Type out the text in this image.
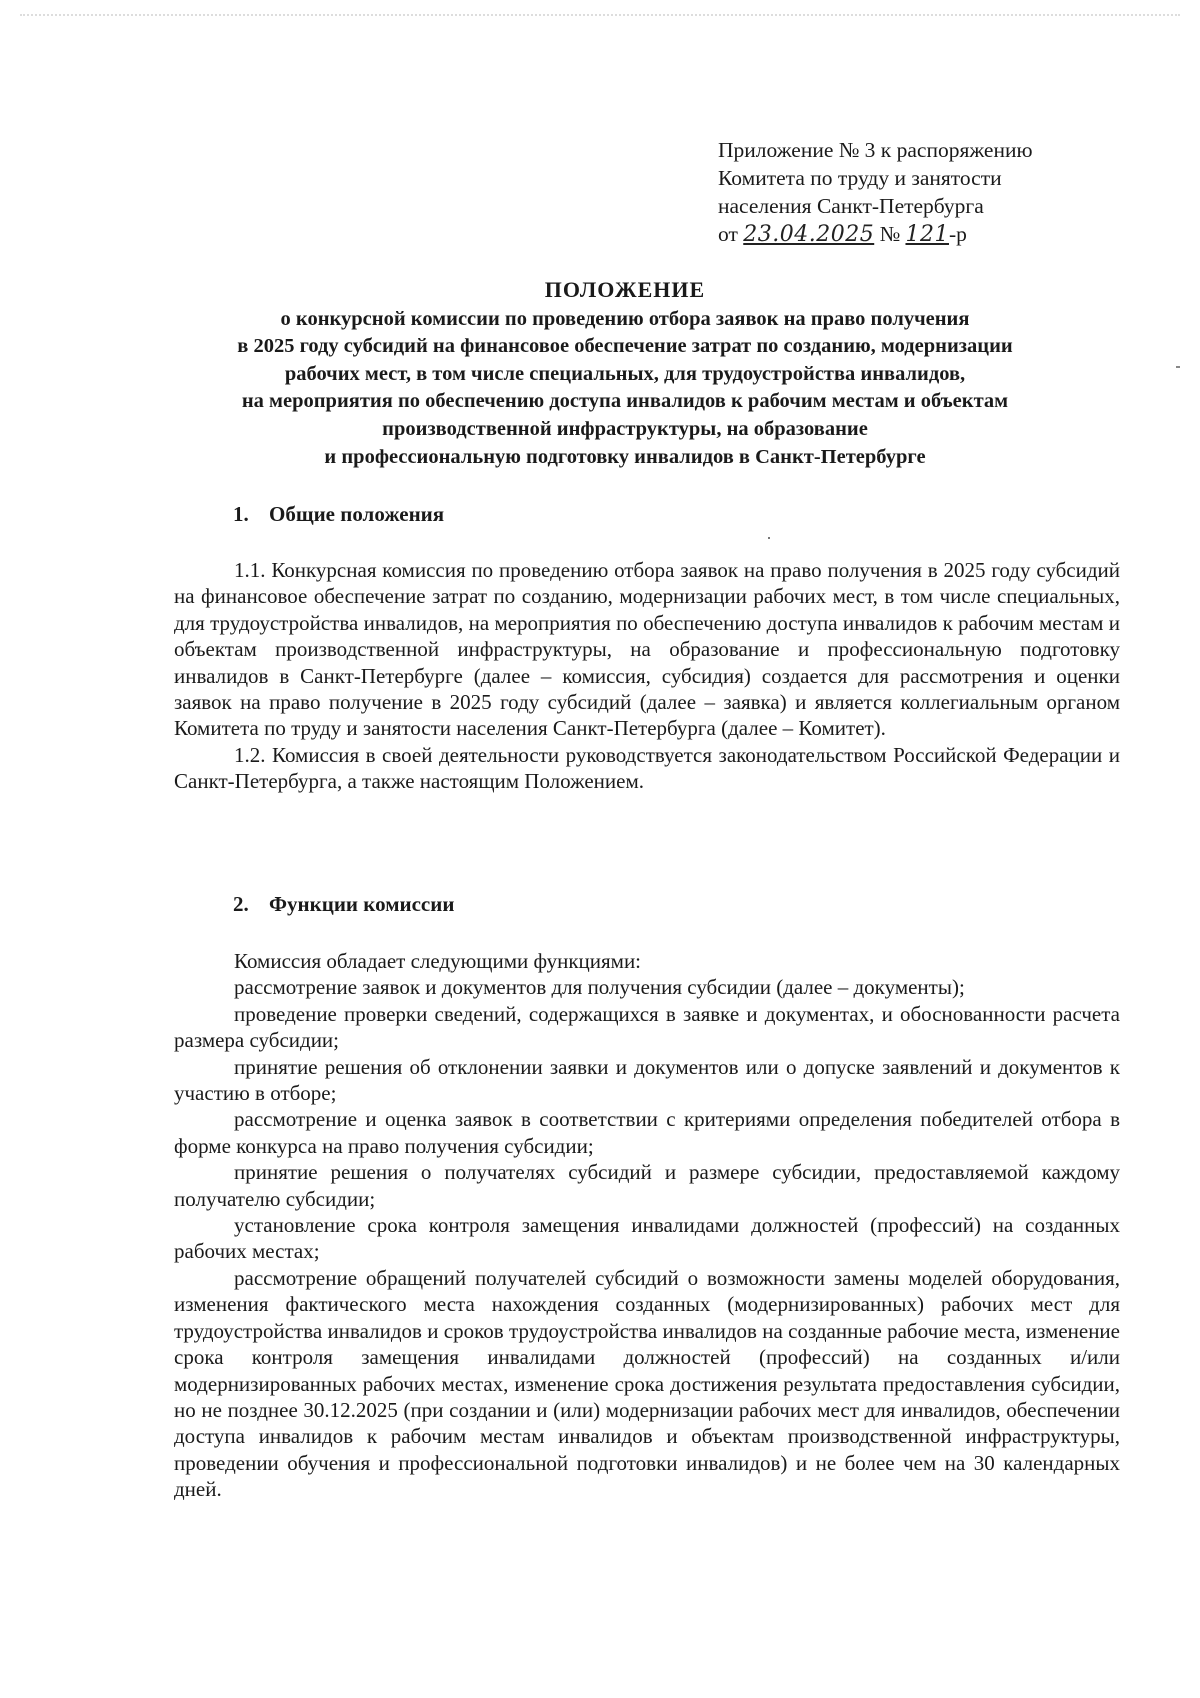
Приложение № 3 к распоряжению
Комитета по труду и занятости
населения Санкт-Петербурга
от 23.04.2025 № 121-р
ПОЛОЖЕНИЕ
о конкурсной комиссии по проведению отбора заявок на право получения
в 2025 году субсидий на финансовое обеспечение затрат по созданию, модернизации
рабочих мест, в том числе специальных, для трудоустройства инвалидов,
на мероприятия по обеспечению доступа инвалидов к рабочим местам и объектам
производственной инфраструктуры, на образование
и профессиональную подготовку инвалидов в Санкт-Петербурге
1. Общие положения

1.1. Конкурсная комиссия по проведению отбора заявок на право получения в 2025 году субсидий на финансовое обеспечение затрат по созданию, модернизации рабочих мест, в том числе специальных, для трудоустройства инвалидов, на мероприятия по обеспечению доступа инвалидов к рабочим местам и объектам производственной инфраструктуры, на образование и профессиональную подготовку инвалидов в Санкт-Петербурге (далее – комиссия, субсидия) создается для рассмотрения и оценки заявок на право получение в 2025 году субсидий (далее – заявка) и является коллегиальным органом Комитета по труду и занятости населения Санкт-Петербурга (далее – Комитет).

1.2. Комиссия в своей деятельности руководствуется законодательством Российской Федерации и Санкт-Петербурга, а также настоящим Положением.

2. Функции комиссии

Комиссия обладает следующими функциями:

рассмотрение заявок и документов для получения субсидии (далее – документы);

проведение проверки сведений, содержащихся в заявке и документах, и обоснованности расчета размера субсидии;

принятие решения об отклонении заявки и документов или о допуске заявлений и документов к участию в отборе;

рассмотрение и оценка заявок в соответствии с критериями определения победителей отбора в форме конкурса на право получения субсидии;

принятие решения о получателях субсидий и размере субсидии, предоставляемой каждому получателю субсидии;

установление срока контроля замещения инвалидами должностей (профессий) на созданных рабочих местах;

рассмотрение обращений получателей субсидий о возможности замены моделей оборудования, изменения фактического места нахождения созданных (модернизированных) рабочих мест для трудоустройства инвалидов и сроков трудоустройства инвалидов на созданные рабочие места, изменение срока контроля замещения инвалидами должностей (профессий) на созданных и/или модернизированных рабочих местах, изменение срока достижения результата предоставления субсидии, но не позднее 30.12.2025 (при создании и (или) модернизации рабочих мест для инвалидов, обеспечении доступа инвалидов к рабочим местам инвалидов и объектам производственной инфраструктуры, проведении обучения и профессиональной подготовки инвалидов) и не более чем на 30 календарных дней.
